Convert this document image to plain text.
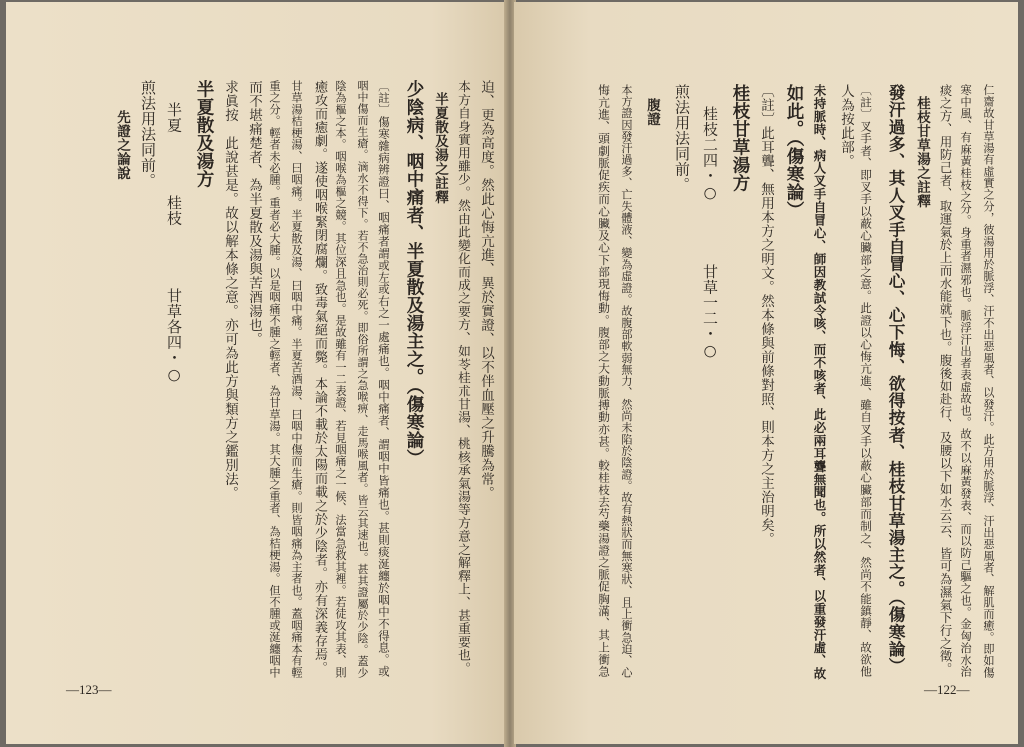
迫、更為高度。然此心悔亢進、異於實證、以不伴血壓之升騰為常。
本方自身實用雖少。然由此變化而成之要方、如苓桂朮甘湯、桃核承氣湯等方意之解釋上、甚重要也。
半夏散及湯之註釋
少陰病、咽中痛者、半夏散及湯主之。（傷寒論）
〔註〕傷寒雜病辨證曰、咽痛者謂或左或右之一處痛也。咽中痛者、謂咽中皆痛也。甚則痰涎纏於咽中不得息。或
咽中傷而生瘡。滴水不得下。若不急治則必死。即俗所謂之急喉痹、走馬喉風者。皆云其速也。甚其證屬於少陰。蓋少
陰為樞之本。咽喉為樞之競。其位深且急也。是故雖有一二表證、若見咽痛之一候、法當急救其裡。若徒攻其表、則
癒攻而癒劇。遂使咽喉緊閉腐爛。致毒氣絕而斃。本論不載於太陽而載之於少陰者。亦有深義存焉。
甘草湯桔梗湯、曰咽痛。半夏散及湯、曰咽中痛。半夏苦酒湯、曰咽中傷而生瘡。則皆咽痛為主者也。蓋咽痛本有輕
重之分。輕者未必腫。重者必大腫。以是咽痛不腫之輕者、為甘草湯。其大腫之重者、為桔梗湯。但不腫或涎纏咽中
而不堪痛楚者、為半夏散及湯與苦酒湯也。
求眞按　此說甚是。故以解本條之意。亦可為此方與類方之鑑別法。
半夏散及湯方
半夏　　　　桂枝　　　　甘草各四・○
煎法用法同前。
先證之論說
—123—
仁齋故甘草湯有虛實之分，彼湯用於脈浮、汗不出惡風者、以發汗。此方用於脈浮、汗出惡風者、解肌而癒。即如傷
寒中風、有麻黃桂枝之分。身重者濕邪也。脈浮汗出者表虛故也。故不以麻黃發表、而以防己驅之也。金匈治水治
痰之方、用防己者、取運氣於上而水能就下也。腹後如赴行、及腰以下如水云云、皆可為濕氣下行之徵。
桂枝甘草湯之註釋
發汗過多、其人叉手自冒心、心下悔、欲得按者、桂枝甘草湯主之。（傷寒論）
〔註〕叉手者、即叉手以蔽心臟部之意。此證以心悔亢進、雖自叉手以蔽心臟部而制之、然尚不能鎮靜、故欲他
人為按此部。
未持脈時、病人叉手自冒心、師因教試令咳、而不咳者、此必兩耳聾無聞也。所以然者、以重發汗虛、故
如此。（傷寒論）
〔註〕此耳聾、無用本方之明文。然本條與前條對照、則本方之主治明矣。
桂枝甘草湯方
桂枝二四・○　　　　甘草一二・○
煎法用法同前。
腹證
本方證因發汗過多、亡失體液、變為虛證。故腹部軟弱無力、然尚未陷於陰證。故有熱狀而無寒狀、且上衝急迫、心
悔亢進、頭劇脈促疾而心臟及心下部現悔動。腹部之大動脈搏動亦甚。較桂枝去芍藥湯證之脈促胸滿、其上衝急
—122—
